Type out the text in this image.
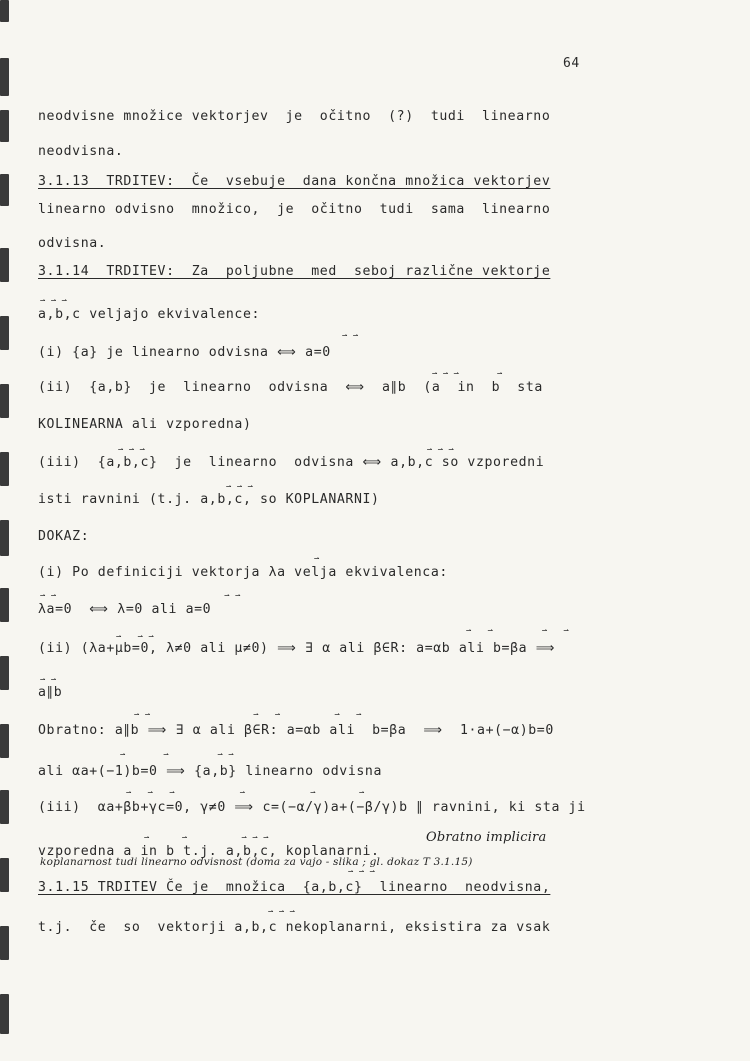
64
neodvisne množice vektorjev  je  očitno  (?)  tudi  linearno
neodvisna.
3.1.13  TRDITEV:  Če  vsebuje  dana končna množica vektorjev
linearno odvisno  množico,  je  očitno  tudi  sama  linearno
odvisna.
3.1.14  TRDITEV:  Za  poljubne  med  seboj različne vektorje
⇀ ⇀ ⇀
a,b,c veljajo ekvivalence:
⇀ ⇀
(i) {a} je linearno odvisna ⟺ a=0
⇀ ⇀ ⇀       ⇀
(ii)  {a,b}  je  linearno  odvisna  ⟺  a∥b  (a  in  b  sta
KOLINEARNA ali vzporedna)
⇀ ⇀ ⇀                                                    ⇀ ⇀ ⇀
(iii)  {a,b,c}  je  linearno  odvisna ⟺ a,b,c so vzporedni
⇀ ⇀ ⇀
isti ravnini (t.j. a,b,c, so KOPLANARNI)
DOKAZ:
⇀
(i) Po definiciji vektorja λa velja ekvivalenca:
⇀ ⇀                               ⇀ ⇀
λa=0  ⟺ λ=0 ali a=0
⇀   ⇀ ⇀
⇀   ⇀         ⇀   ⇀
(ii) (λa+μb=0, λ≠0 ali μ≠0) ⟹ ∃ α ali β∈R: a=αb ali b=βa ⟹
⇀ ⇀
a∥b
⇀ ⇀                   ⇀   ⇀          ⇀   ⇀
Obratno: a∥b ⟹ ∃ α ali β∈R: a=αb ali  b=βa  ⟹  1·a+(−α)b=0
⇀       ⇀         ⇀ ⇀
ali αa+(−1)b=0 ⟹ {a,b} linearno odvisna
⇀   ⇀   ⇀            ⇀            ⇀        ⇀
(iii)  αa+βb+γc=0, γ≠0 ⟹ c=(−α/γ)a+(−β/γ)b ∥ ravnini, ki sta ji
⇀      ⇀          ⇀ ⇀ ⇀
vzporedna a in b t.j. a,b,c, koplanarni.
Obratno implicira
koplanarnost tudi linearno odvisnost (doma za vajo - slika ; gl. dokaz T 3.1.15)
⇀ ⇀ ⇀
3.1.15 TRDITEV Če je  množica  {a,b,c}  linearno  neodvisna,
⇀ ⇀ ⇀
t.j.  če  so  vektorji a,b,c nekoplanarni, eksistira za vsak
